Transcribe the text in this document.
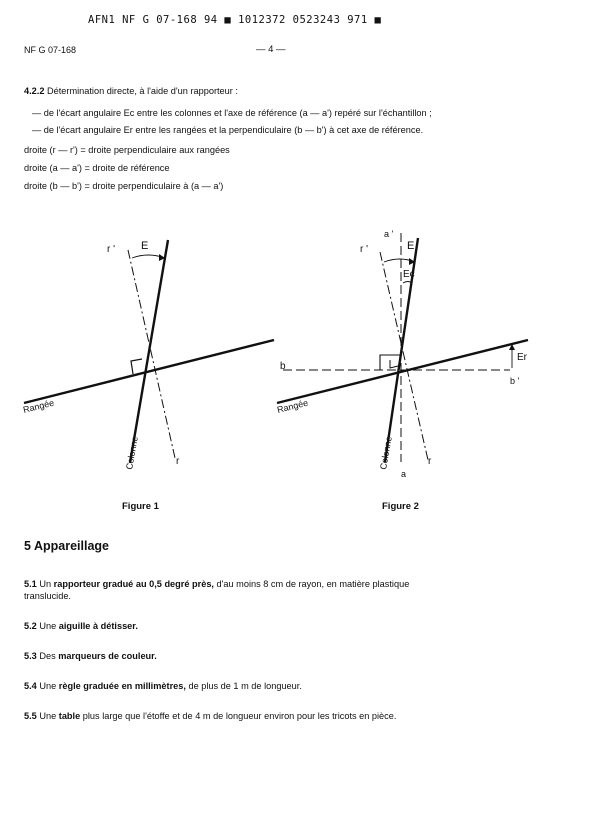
AFN1 NF G 07-168 94 ■ 1012372 0523243 971 ■
NF G 07-168	— 4 —
4.2.2 Détermination directe, à l'aide d'un rapporteur :
— de l'écart angulaire Ec entre les colonnes et l'axe de référence (a — a') repéré sur l'échantillon ;
— de l'écart angulaire Er entre les rangées et la perpendiculaire (b — b') à cet axe de référence.
droite (r — r') = droite perpendiculaire aux rangées
droite (a — a') = droite de référence
droite (b — b') = droite perpendiculaire à (a — a')
r ' E
Rangée
Colonne	r
Figure 1
a '
r '	E
Ec
b
Er
b '
Rangée
Colonne
a
r
Figure 2
5 Appareillage
5.1 Un rapporteur gradué au 0,5 degré près, d'au moins 8 cm de rayon, en matière plastique
translucide.
5.2 Une aiguille à détisser.
5.3 Des marqueurs de couleur.
5.4 Une règle graduée en millimètres, de plus de 1 m de longueur.
5.5 Une table plus large que l'étoffe et de 4 m de longueur environ pour les tricots en pièce.
